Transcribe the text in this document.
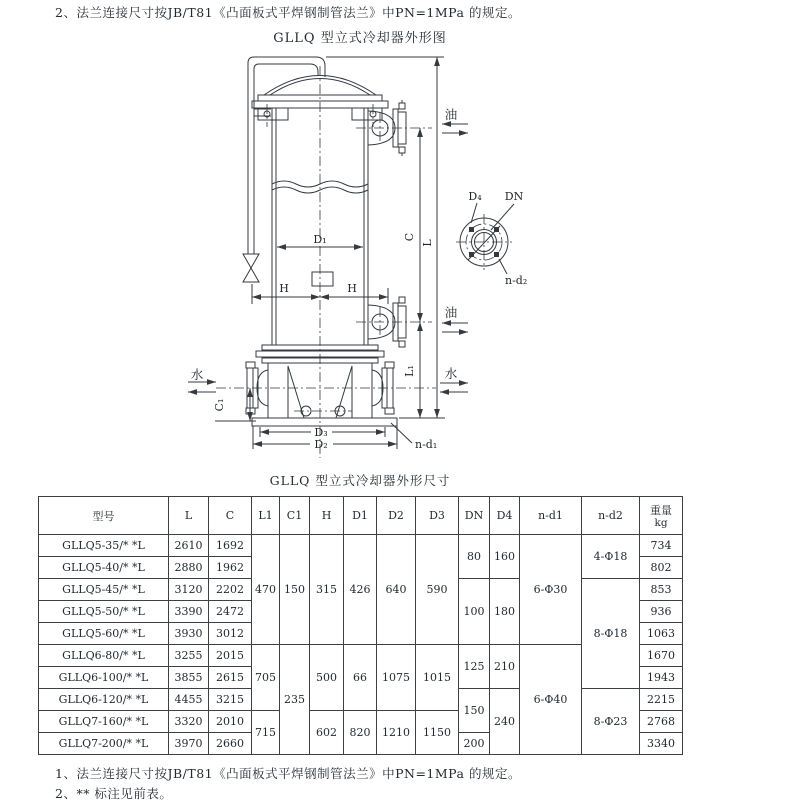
2、法兰连接尺寸按JB/T81《凸面板式平焊钢制管法兰》中PN=1MPa 的规定。
GLLQ 型立式冷却器外形图
L
C
L₁
C₁
D₁
H	H
D₃
D₂	n-d₁
D₄ DN
n-d₂
油
油
水
水
GLLQ 型立式冷却器外形尺寸
型号	L	C	L1	C1	H	D1	D2	D3	DN	D4	n-d1	n-d2	重量
kg

GLLQ5-35/* *L	2610	1692	470	150	315	426	640	590	80	160	6-Φ30	4-Φ18	734
GLLQ5-40/* *L	2880	1962											802
GLLQ5-45/* *L	3120	2202							100	180		8-Φ18	853
GLLQ5-50/* *L	3390	2472											936
GLLQ5-60/* *L	3930	3012											1063
GLLQ6-80/* *L	3255	2015	705	235	500	66	1075	1015	125	210	6-Φ40		1670
GLLQ6-100/* *L	3855	2615											1943
GLLQ6-120/* *L	4455	3215							150	240		8-Φ23	2215
GLLQ7-160/* *L	3320	2010	715		602	820	1210	1150					2768
GLLQ7-200/* *L	3970	2660							200				3340
1、法兰连接尺寸按JB/T81《凸面板式平焊钢制管法兰》中PN=1MPa 的规定。
2、** 标注见前表。
